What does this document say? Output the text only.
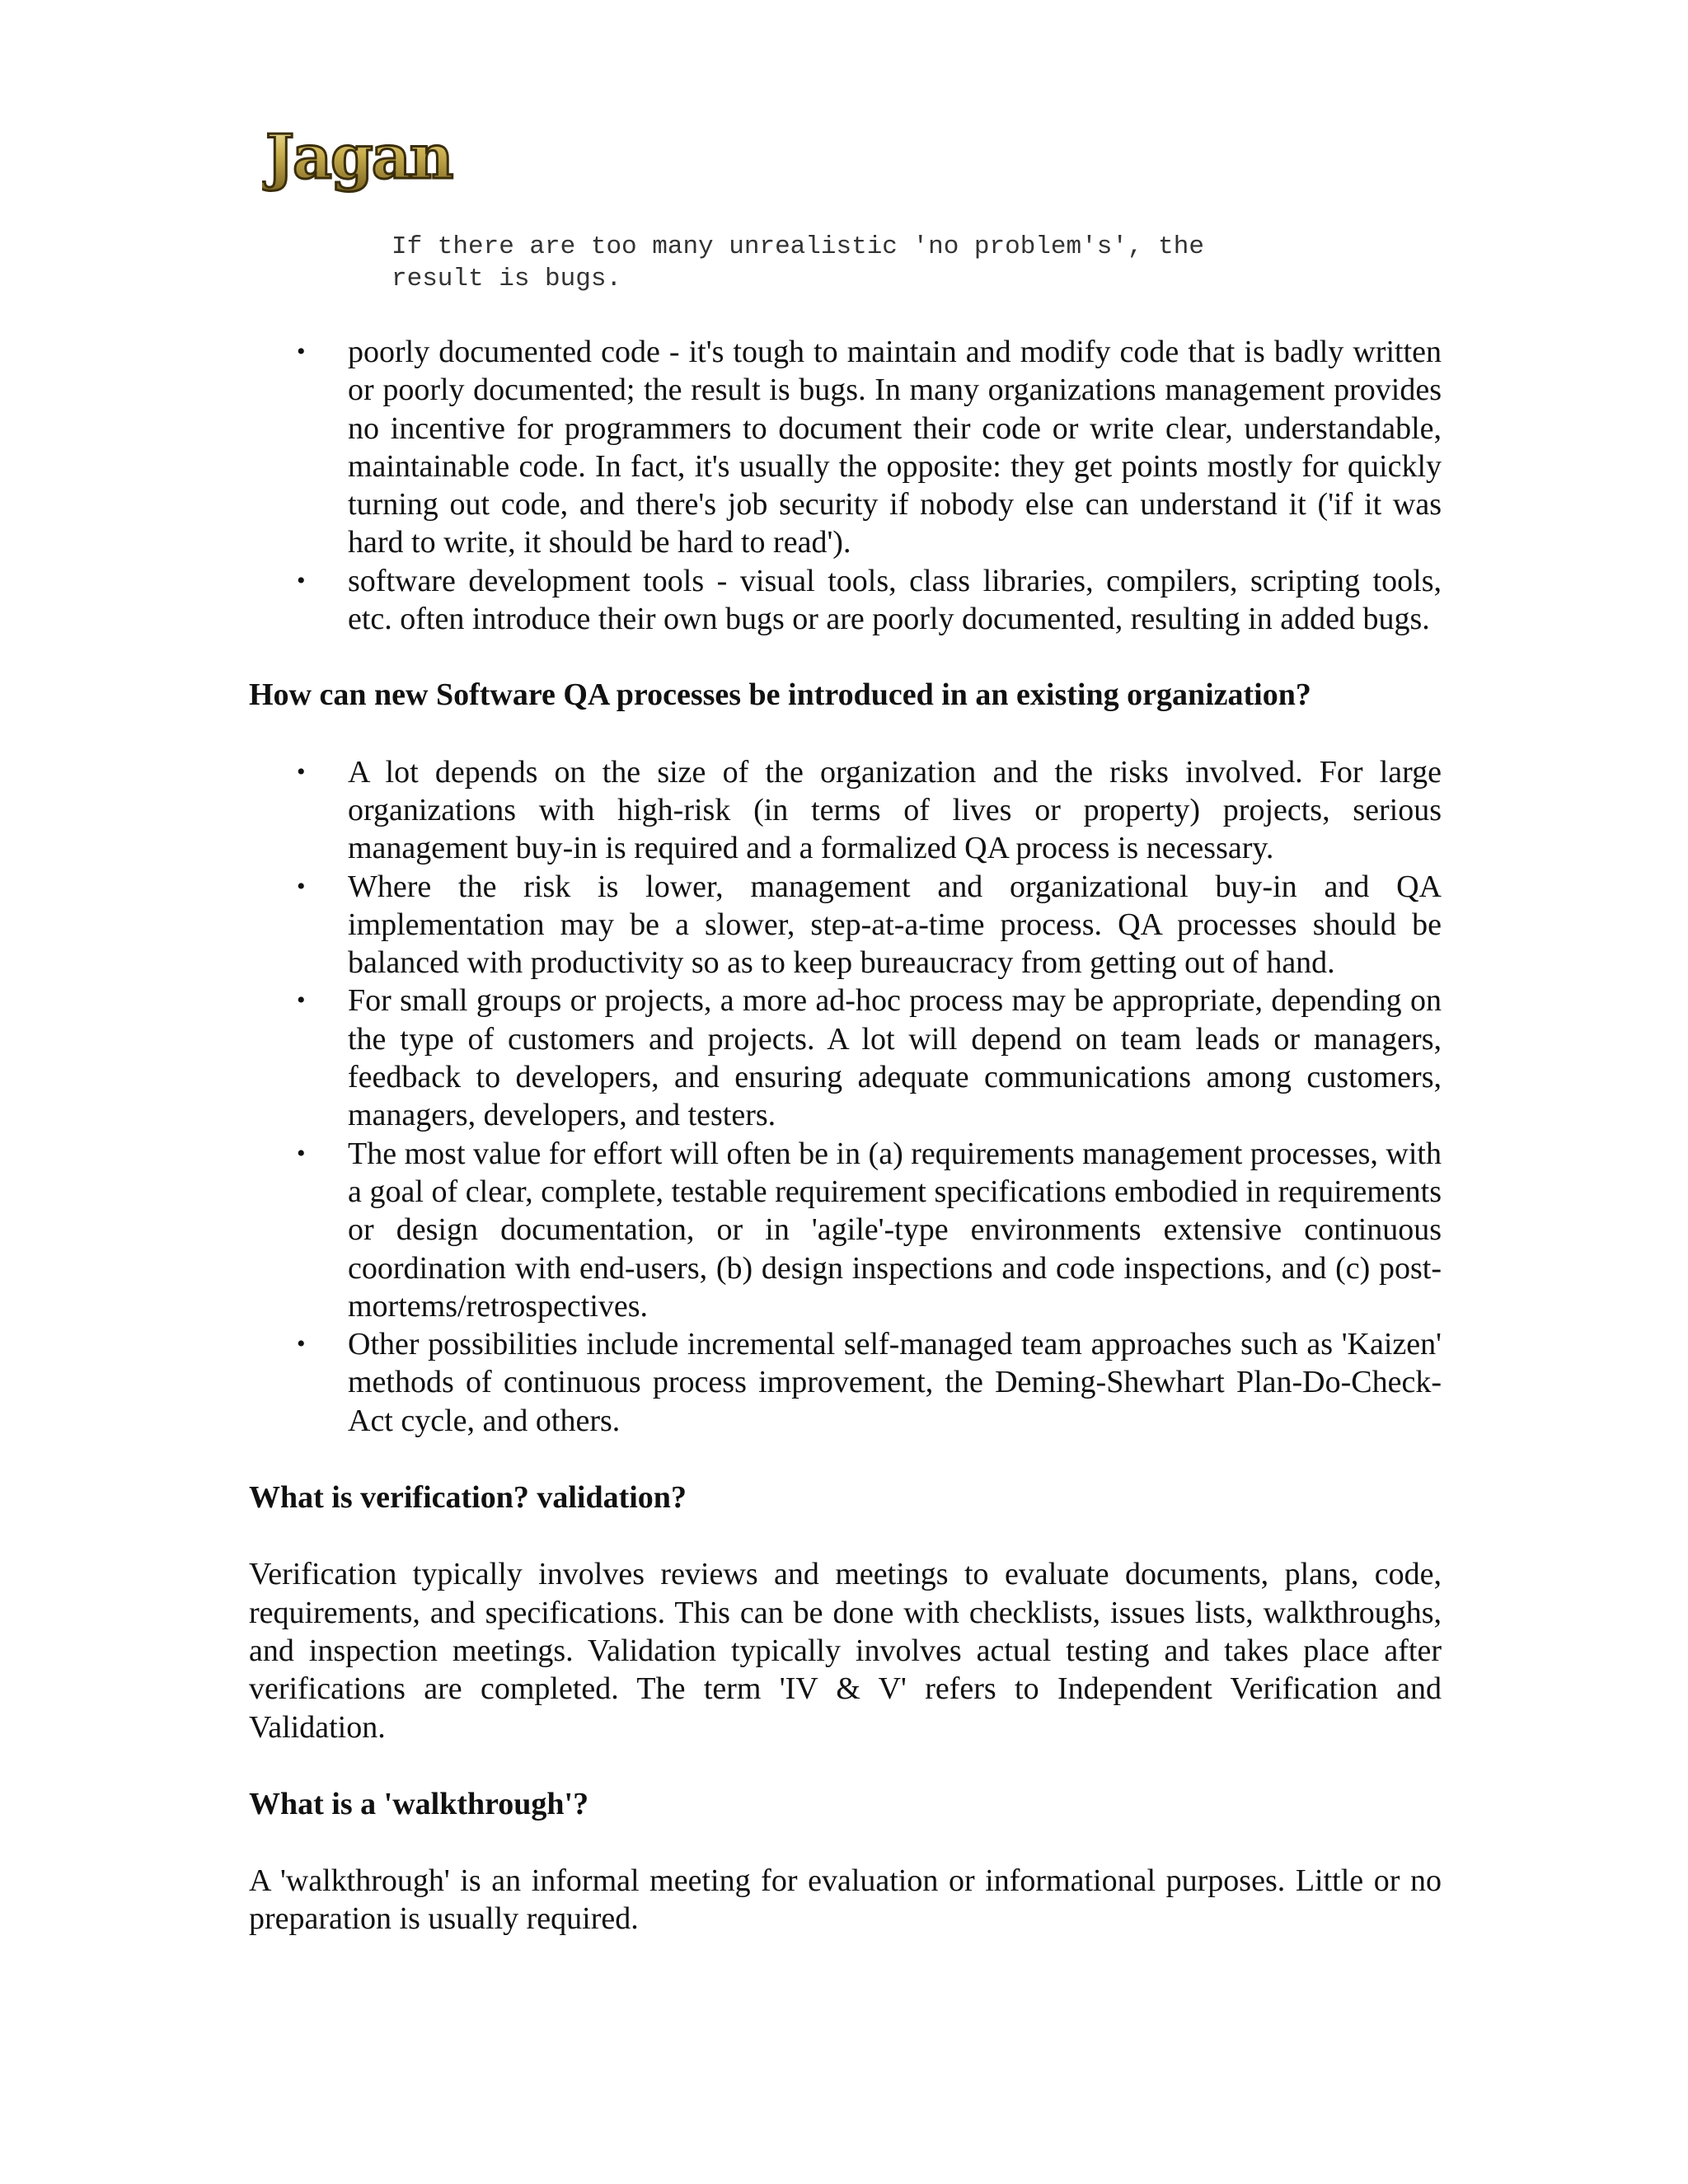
Jagan
If there are too many unrealistic 'no problem's', the
result is bugs.
• poorly documented code - it's tough to maintain and modify code that is badly written or poorly documented; the result is bugs. In many organizations management provides no incentive for programmers to document their code or write clear, understandable, maintainable code. In fact, it's usually the opposite: they get points mostly for quickly turning out code, and there's job security if nobody else can understand it ('if it was hard to write, it should be hard to read').
• software development tools - visual tools, class libraries, compilers, scripting tools, etc. often introduce their own bugs or are poorly documented, resulting in added bugs.

How can new Software QA processes be introduced in an existing organization?

• A lot depends on the size of the organization and the risks involved. For large organizations with high-risk (in terms of lives or property) projects, serious management buy-in is required and a formalized QA process is necessary.
• Where the risk is lower, management and organizational buy-in and QA implementation may be a slower, step-at-a-time process. QA processes should be balanced with productivity so as to keep bureaucracy from getting out of hand.
• For small groups or projects, a more ad-hoc process may be appropriate, depending on the type of customers and projects. A lot will depend on team leads or managers, feedback to developers, and ensuring adequate communications among customers, managers, developers, and testers.
• The most value for effort will often be in (a) requirements management processes, with a goal of clear, complete, testable requirement specifications embodied in requirements or design documentation, or in 'agile'-type environments extensive continuous coordination with end-users, (b) design inspections and code inspections, and (c) post-mortems/retrospectives.
• Other possibilities include incremental self-managed team approaches such as 'Kaizen' methods of continuous process improvement, the Deming-Shewhart Plan-Do-Check-Act cycle, and others.

What is verification? validation?

Verification typically involves reviews and meetings to evaluate documents, plans, code, requirements, and specifications. This can be done with checklists, issues lists, walkthroughs, and inspection meetings. Validation typically involves actual testing and takes place after verifications are completed. The term 'IV & V' refers to Independent Verification and Validation.

What is a 'walkthrough'?

A 'walkthrough' is an informal meeting for evaluation or informational purposes. Little or no preparation is usually required.
